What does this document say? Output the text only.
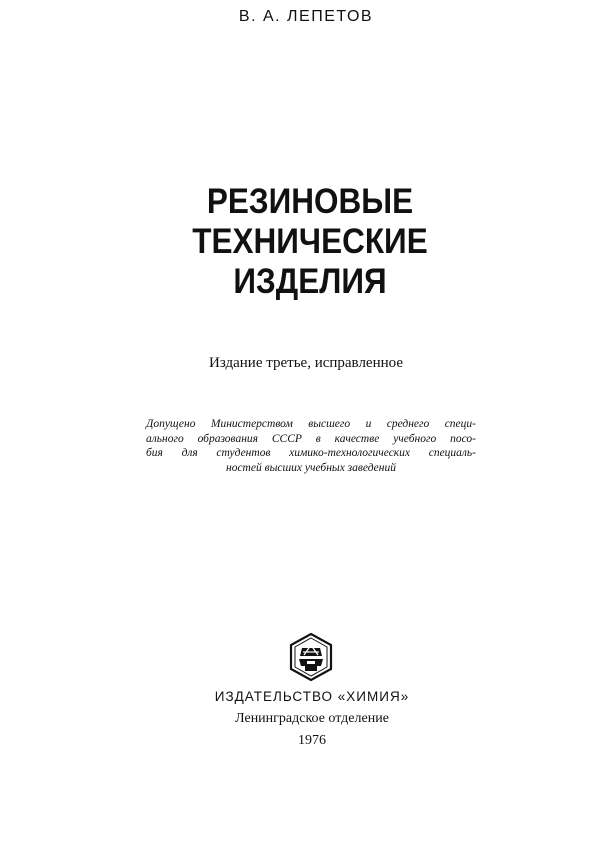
В. А. ЛЕПЕТОВ
РЕЗИНОВЫЕ
ТЕХНИЧЕСКИЕ
ИЗДЕЛИЯ
Издание третье, исправленное
Допущено Министерством высшего и среднего специ-
ального образования СССР в качестве учебного посо-
бия для студентов химико-технологических специаль-
ностей высших учебных заведений
ИЗДАТЕЛЬСТВО «ХИМИЯ»
Ленинградское отделение
1976
